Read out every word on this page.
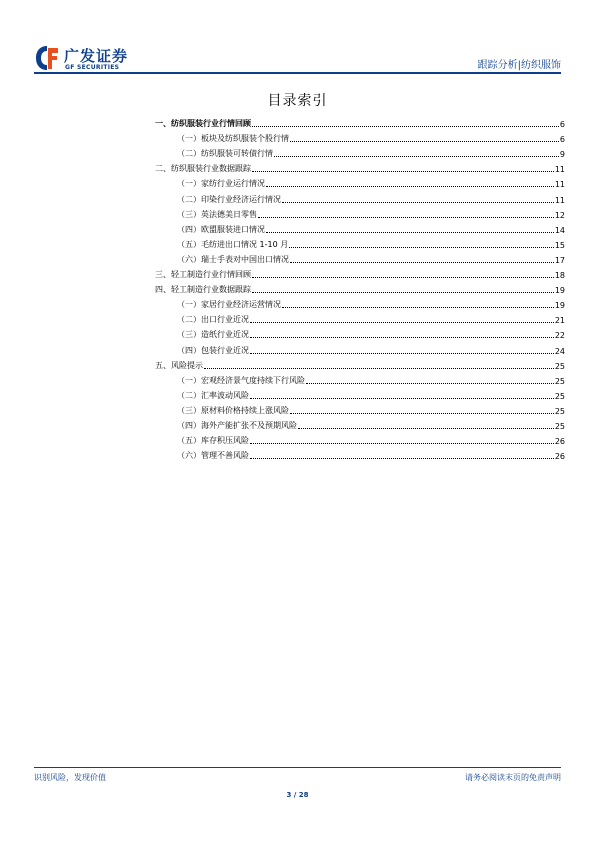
广发证券
GF SECURITIES	跟踪分析|纺织服饰
目录索引
一、纺织服装行业行情回顾	6
（一）板块及纺织服装个股行情	6
（二）纺织服装可转债行情	9
二、纺织服装行业数据跟踪	11
（一）家纺行业运行情况	11
（二）印染行业经济运行情况	11
（三）英法德美日零售	12
（四）欧盟服装进口情况	14
（五）毛纺进出口情况 1-10 月	15
（六）瑞士手表对中国出口情况	17
三、轻工制造行业行情回顾	18
四、轻工制造行业数据跟踪	19
（一）家居行业经济运营情况	19
（二）出口行业近况	21
（三）造纸行业近况	22
（四）包装行业近况	24
五、风险提示	25
（一）宏观经济景气度持续下行风险	25
（二）汇率波动风险	25
（三）原材料价格持续上涨风险	25
（四）海外产能扩张不及预期风险	25
（五）库存积压风险	26
（六）管理不善风险	26
识别风险，发现价值	请务必阅读末页的免责声明
3 / 28
